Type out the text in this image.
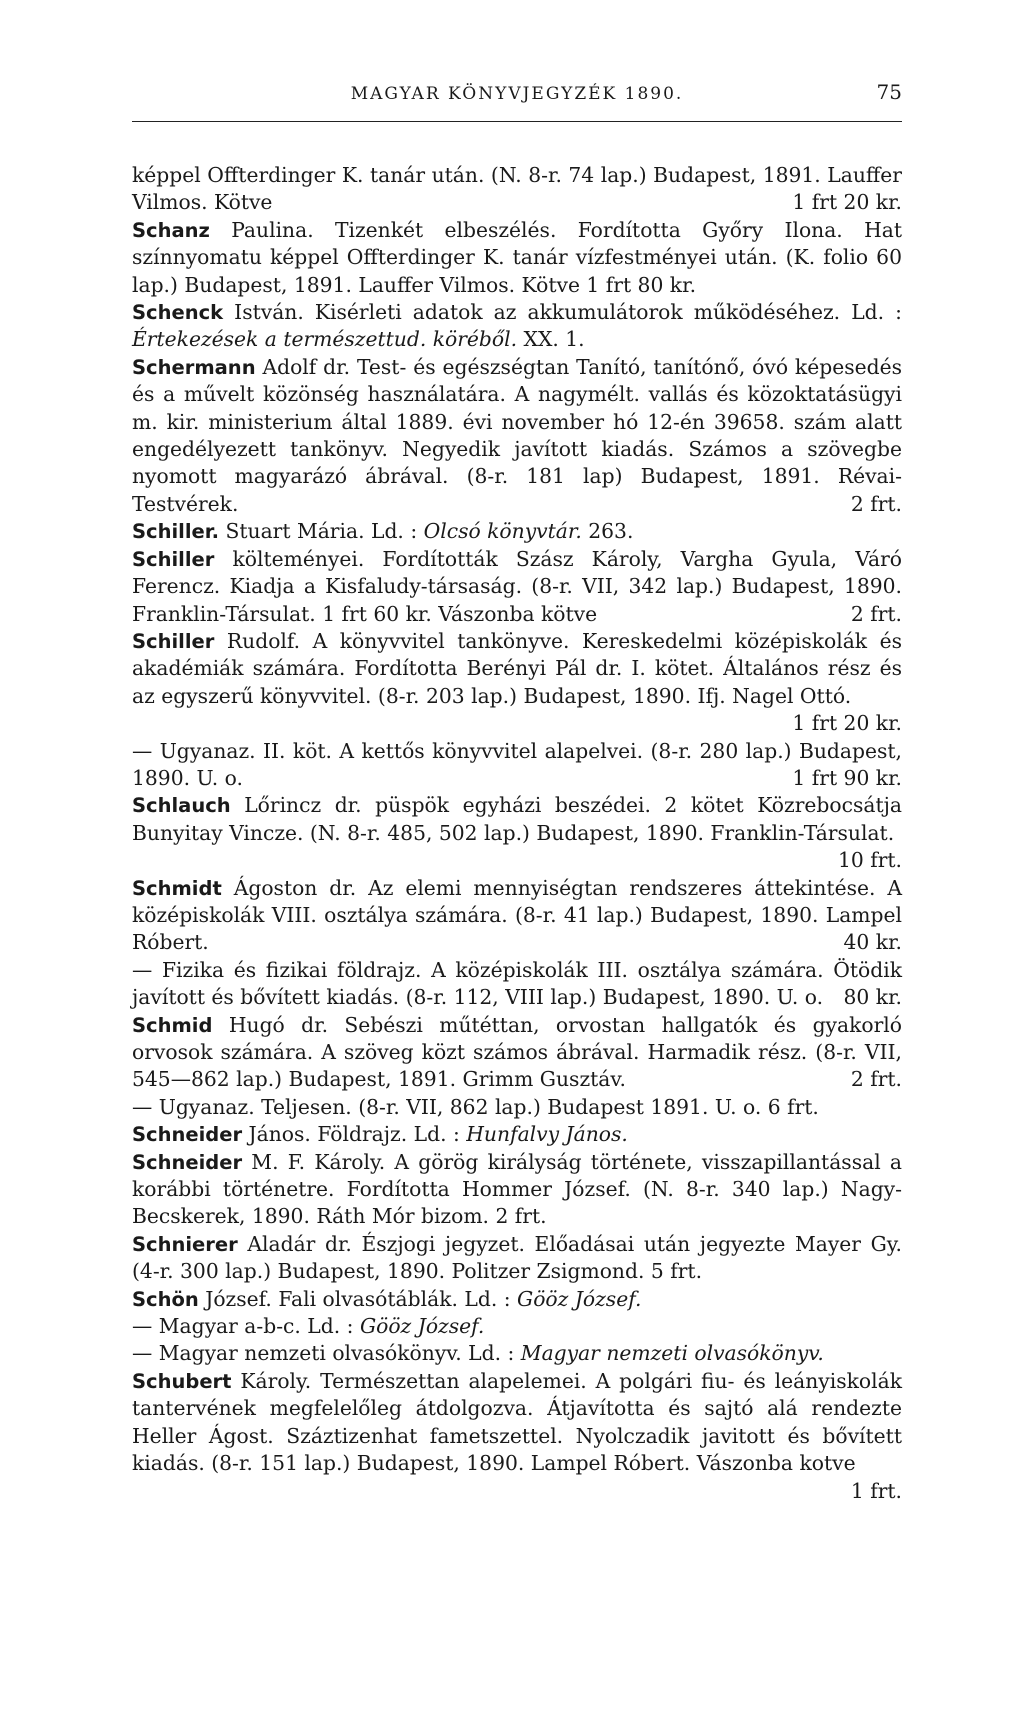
MAGYAR KÖNYVJEGYZÉK 1890.	75

képpel Offterdinger K. tanár után. (N. 8-r. 74 lap.) Budapest, 1891. Lauffer Vilmos. Kötve	1 frt 20 kr.

Schanz Paulina. Tizenkét elbeszélés. Fordította Győry Ilona. Hat színnyomatu képpel Offterdinger K. tanár vízfestményei után. (K. folio 60 lap.) Budapest, 1891. Lauffer Vilmos. Kötve 1 frt 80 kr.

Schenck István. Kisérleti adatok az akkumulátorok működéséhez. Ld. : Értekezések a természettud. köréből. XX. 1.

Schermann Adolf dr. Test- és egészségtan Tanító, tanítónő, óvó képesedés és a művelt közönség használatára. A nagymélt. vallás és közoktatásügyi m. kir. ministerium által 1889. évi november hó 12-én 39658. szám alatt engedélyezett tankönyv. Negyedik javított kiadás. Számos a szövegbe nyomott magyarázó ábrával. (8-r. 181 lap) Budapest, 1891. Révai-Testvérek.	2 frt.

Schiller. Stuart Mária. Ld. : Olcsó könyvtár. 263.

Schiller költeményei. Fordították Szász Károly, Vargha Gyula, Váró Ferencz. Kiadja a Kisfaludy-társaság. (8-r. VII, 342 lap.) Budapest, 1890. Franklin-Társulat. 1 frt 60 kr. Vászonba kötve	2 frt.

Schiller Rudolf. A könyvvitel tankönyve. Kereskedelmi középiskolák és akadémiák számára. Fordította Berényi Pál dr. I. kötet. Általános rész és az egyszerű könyvvitel. (8-r. 203 lap.) Budapest, 1890. Ifj. Nagel Ottó.
1 frt 20 kr.

— Ugyanaz. II. köt. A kettős könyvvitel alapelvei. (8-r. 280 lap.) Budapest, 1890. U. o.	1 frt 90 kr.

Schlauch Lőrincz dr. püspök egyházi beszédei. 2 kötet Közrebocsátja Bunyitay Vincze. (N. 8-r. 485, 502 lap.) Budapest, 1890. Franklin-Társulat.
10 frt.

Schmidt Ágoston dr. Az elemi mennyiségtan rendszeres áttekintése. A középiskolák VIII. osztálya számára. (8-r. 41 lap.) Budapest, 1890. Lampel Róbert.	40 kr.

— Fizika és fizikai földrajz. A középiskolák III. osztálya számára. Ötödik javított és bővített kiadás. (8-r. 112, VIII lap.) Budapest, 1890. U. o. 80 kr.

Schmid Hugó dr. Sebészi műtéttan, orvostan hallgatók és gyakorló orvosok számára. A szöveg közt számos ábrával. Harmadik rész. (8-r. VII, 545—862 lap.) Budapest, 1891. Grimm Gusztáv.	2 frt.

— Ugyanaz. Teljesen. (8-r. VII, 862 lap.) Budapest 1891. U. o. 6 frt.

Schneider János. Földrajz. Ld. : Hunfalvy János.

Schneider M. F. Károly. A görög királyság története, visszapillantással a korábbi történetre. Fordította Hommer József. (N. 8-r. 340 lap.) Nagy-Becskerek, 1890. Ráth Mór bizom. 2 frt.

Schnierer Aladár dr. Észjogi jegyzet. Előadásai után jegyezte Mayer Gy. (4-r. 300 lap.) Budapest, 1890. Politzer Zsigmond. 5 frt.

Schön József. Fali olvasótáblák. Ld. : Gööz József.

— Magyar a-b-c. Ld. : Gööz József.

— Magyar nemzeti olvasókönyv. Ld. : Magyar nemzeti olvasókönyv.

Schubert Károly. Természettan alapelemei. A polgári fiu- és leányiskolák tantervének megfelelőleg átdolgozva. Átjavította és sajtó alá rendezte Heller Ágost. Száztizenhat fametszettel. Nyolczadik javitott és bővített kiadás. (8-r. 151 lap.) Budapest, 1890. Lampel Róbert. Vászonba kotve
1 frt.
